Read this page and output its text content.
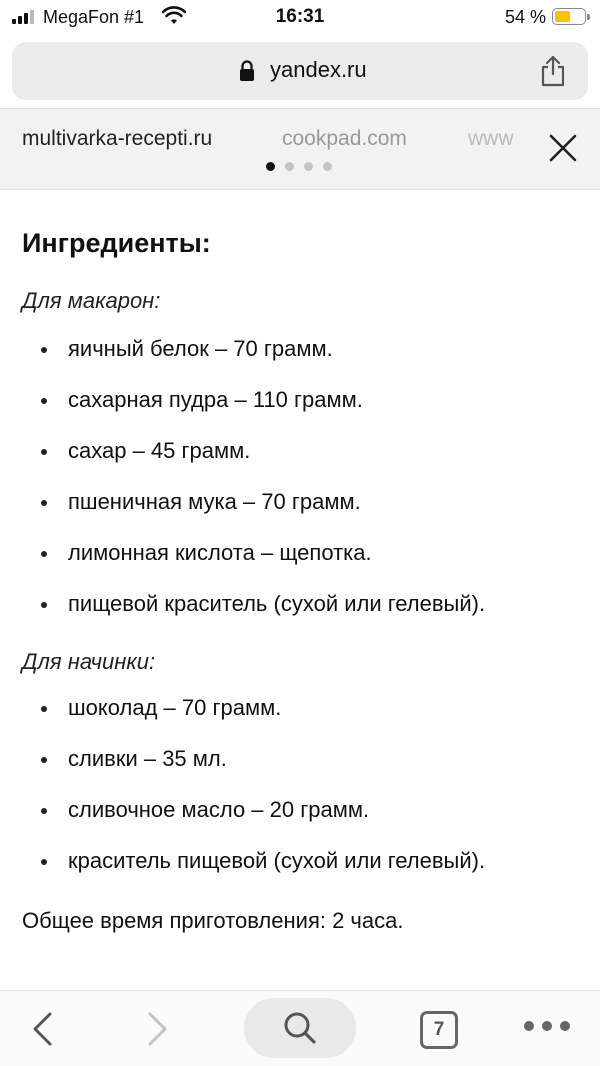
MegaFon #1	16:31	54 %
yandex.ru
multivarka-recepti.ru	cookpad.com	www
Ингредиенты:
Для макарон:
яичный белок – 70 грамм.
сахарная пудра – 110 грамм.
сахар – 45 грамм.
пшеничная мука – 70 грамм.
лимонная кислота – щепотка.
пищевой краситель (сухой или гелевый).
Для начинки:
шоколад – 70 грамм.
сливки – 35 мл.
сливочное масло – 20 грамм.
краситель пищевой (сухой или гелевый).
Общее время приготовления: 2 часа.
7
